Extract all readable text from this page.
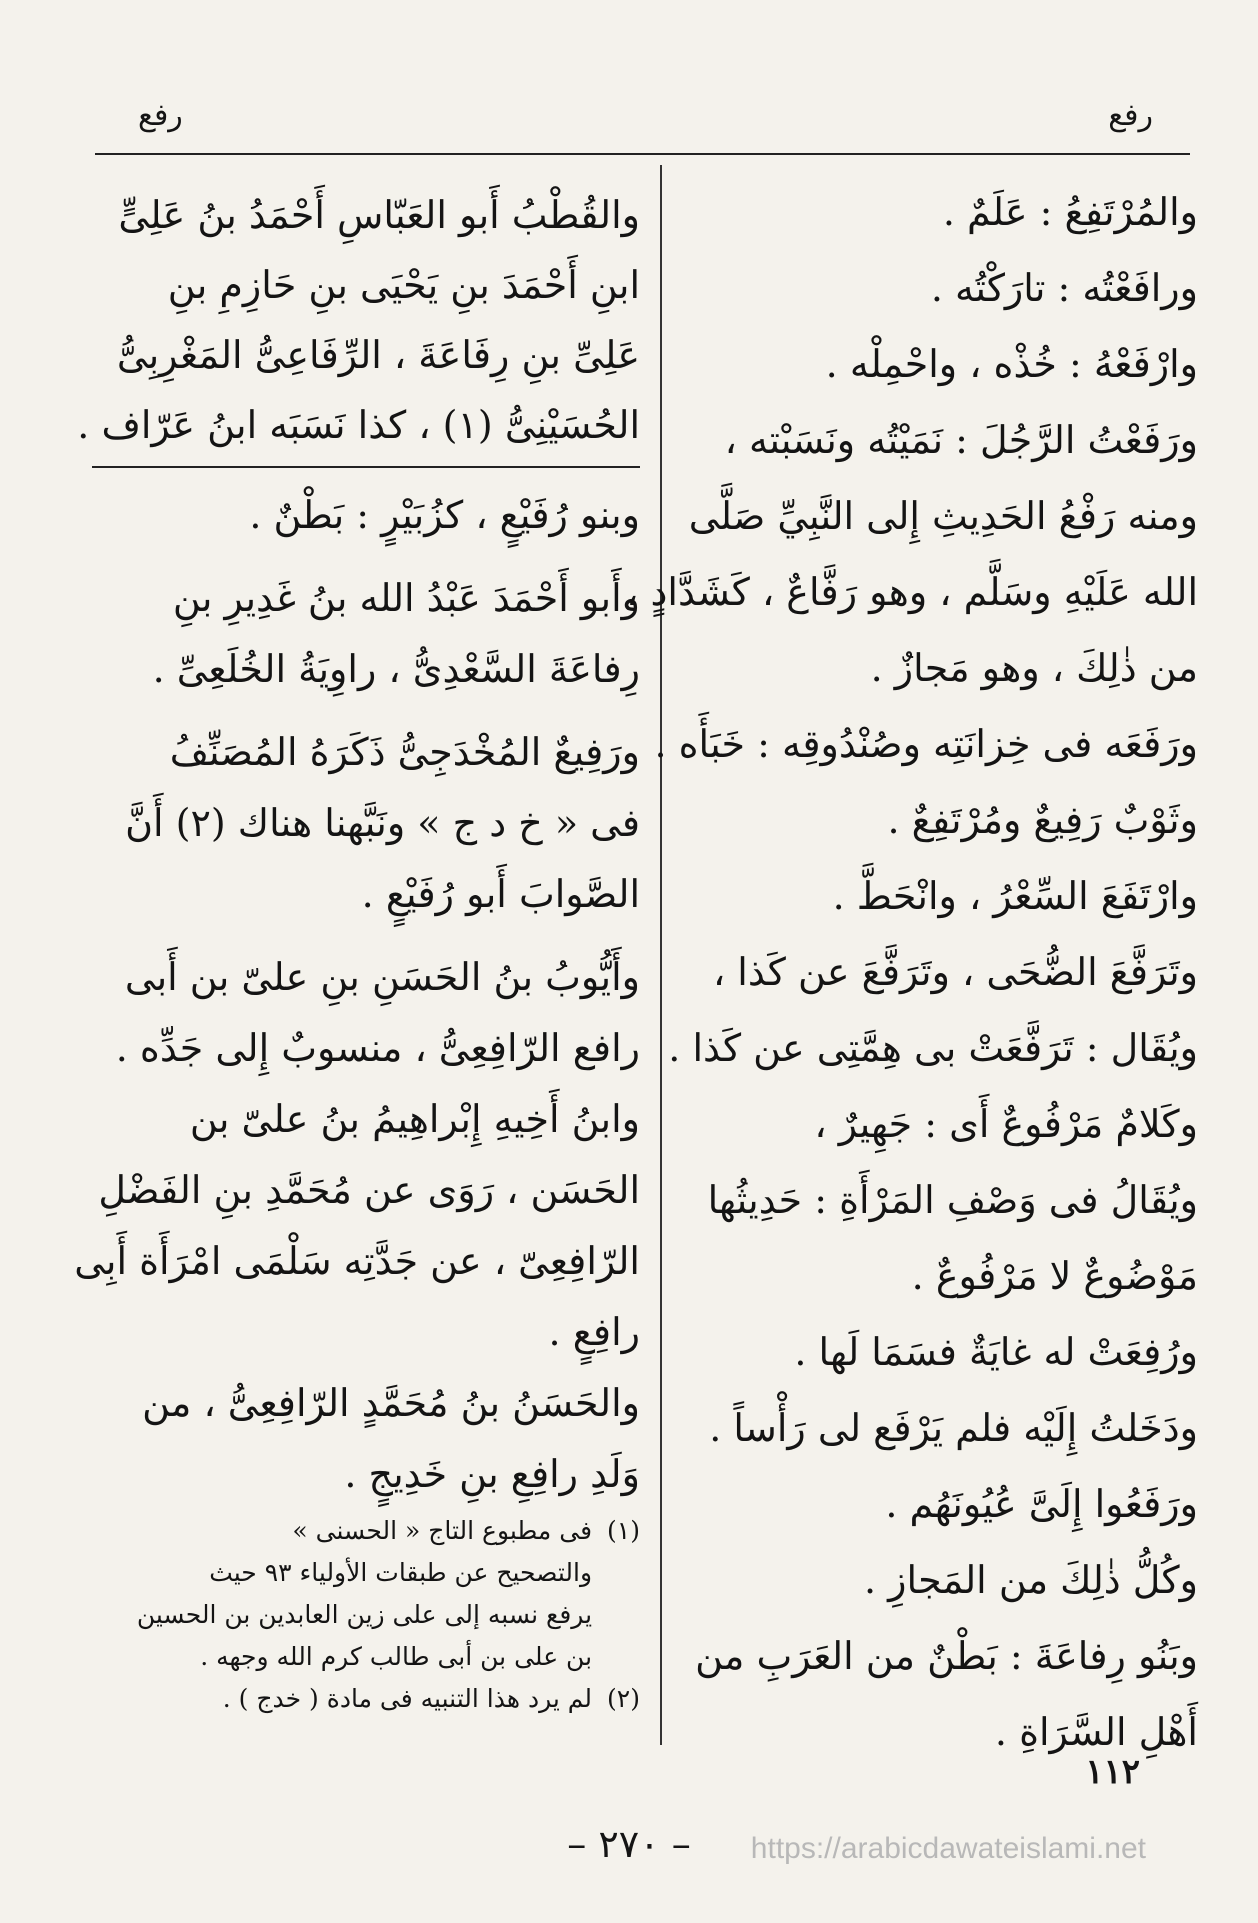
رفع
رفع
والمُرْتَفِعُ : عَلَمٌ .
ورافَعْتُه : تارَكْتُه .
وارْفَعْهُ : خُذْه ، واحْمِلْه .
ورَفَعْتُ الرَّجُلَ : نَمَيْتُه ونَسَبْته ،
ومنه رَفْعُ الحَدِيثِ إِلى النَّبِيِّ صَلَّى
الله عَلَيْهِ وسَلَّم ، وهو رَفَّاعٌ ، كَشَدَّادٍ ،
من ذٰلِكَ ، وهو مَجازٌ .
ورَفَعَه فى خِزانَتِه وصُنْدُوقِه : خَبَأَه .
وثَوْبٌ رَفِيعٌ ومُرْتَفِعٌ .
وارْتَفَعَ السِّعْرُ ، وانْحَطَّ .
وتَرَفَّعَ الضُّحَى ، وتَرَفَّعَ عن كَذا ،
ويُقَال : تَرَفَّعَتْ بى هِمَّتِى عن كَذا .
وكَلامٌ مَرْفُوعٌ أَى : جَهِيرٌ ،
ويُقَالُ فى وَصْفِ المَرْأَةِ : حَدِيثُها
مَوْضُوعٌ لا مَرْفُوعٌ .
ورُفِعَتْ له غايَةٌ فسَمَا لَها .
ودَخَلتُ إِلَيْه فلم يَرْفَع لى رَأْساً .
ورَفَعُوا إِلَىَّ عُيُونَهُم .
وكُلُّ ذٰلِكَ من المَجازِ .
وبَنُو رِفاعَةَ : بَطْنٌ من العَرَبِ من
أَهْلِ السَّرَاةِ .
والقُطْبُ أَبو العَبّاسِ أَحْمَدُ بنُ عَلِىٍّ
ابنِ أَحْمَدَ بنِ يَحْيَى بنِ حَازِمِ بنِ
عَلِىِّ بنِ رِفَاعَةَ ، الرِّفَاعِىُّ المَغْرِبِىُّ
الحُسَيْنِىُّ (١) ، كذا نَسَبَه ابنُ عَرّاف .
وبنو رُفَيْعٍ ، كزُبَيْرٍ : بَطْنٌ .
وأَبو أَحْمَدَ عَبْدُ الله بنُ غَدِيرِ بنِ
رِفاعَةَ السَّعْدِىُّ ، راوِيَةُ الخُلَعِىِّ .
ورَفِيعٌ المُخْدَجِىُّ ذَكَرَهُ المُصَنِّفُ
فى « خ د ج » ونَبَّهنا هناك (٢) أَنَّ
الصَّوابَ أَبو رُفَيْعٍ .
وأَيُّوبُ بنُ الحَسَنِ بنِ علىّ بن أَبى
رافع الرّافِعِىُّ ، منسوبٌ إِلى جَدِّه .
وابنُ أَخِيهِ إِبْراهِيمُ بنُ علىّ بن
الحَسَن ، رَوَى عن مُحَمَّدِ بنِ الفَضْلِ
الرّافِعِىّ ، عن جَدَّتِه سَلْمَى امْرَأَة أَبِى
رافِعٍ .
والحَسَنُ بنُ مُحَمَّدٍ الرّافِعِىُّ ، من
وَلَدِ رافِعِ بنِ خَدِيجٍ .
(١) فى مطبوع التاج « الحسنى »
والتصحيح عن طبقات الأولياء ٩٣ حيث
يرفع نسبه إلى على زين العابدين بن الحسين
بن على بن أبى طالب كرم الله وجهه .
(٢) لم يرد هذا التنبيه فى مادة ( خدج ) .
١١٢
– ٢٧٠ –	https://arabicdawateislami.net
